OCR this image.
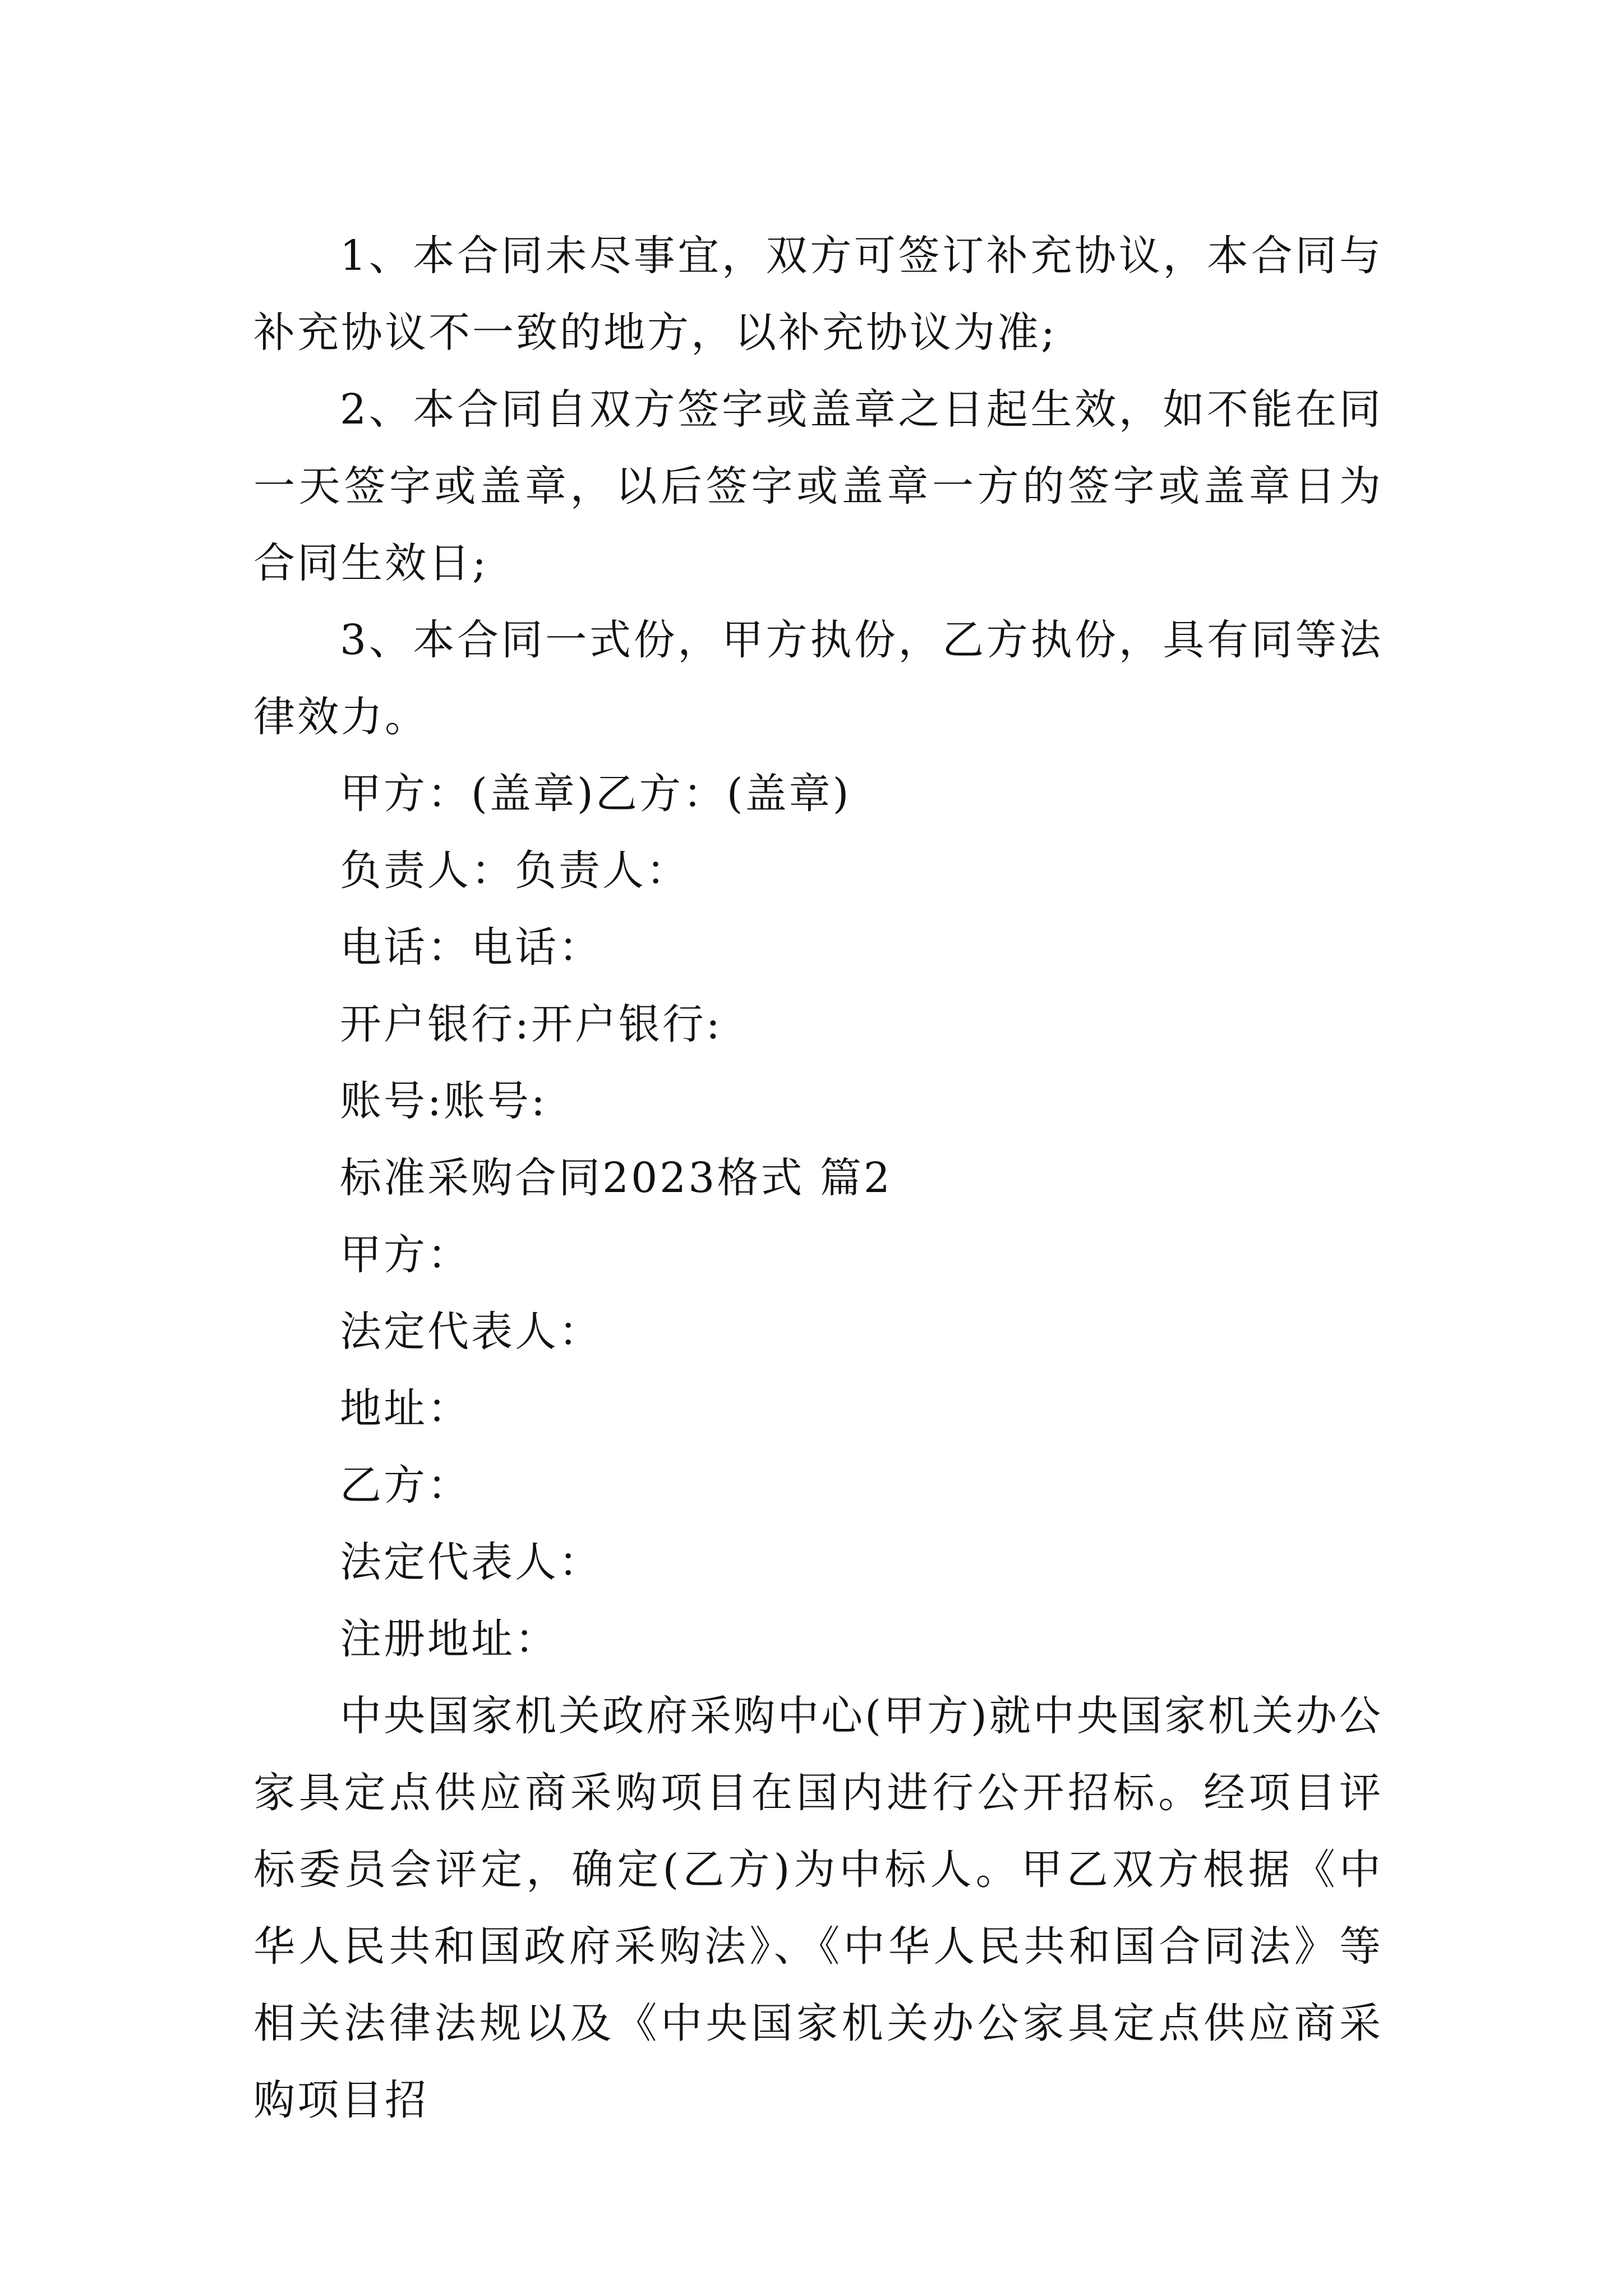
1、本合同未尽事宜，双方可签订补充协议，本合同与补充协议不一致的地方，以补充协议为准;

2、本合同自双方签字或盖章之日起生效，如不能在同一天签字或盖章，以后签字或盖章一方的签字或盖章日为合同生效日;

3、本合同一式份，甲方执份，乙方执份，具有同等法律效力。

甲方：(盖章)乙方：(盖章)

负责人：负责人：

电话：电话：

开户银行:开户银行:

账号:账号:

标准采购合同2023格式 篇2

甲方：

法定代表人：

地址：

乙方：

法定代表人：

注册地址：

中央国家机关政府采购中心(甲方)就中央国家机关办公家具定点供应商采购项目在国内进行公开招标。经项目评标委员会评定，确定(乙方)为中标人。甲乙双方根据《中华人民共和国政府采购法》、《中华人民共和国合同法》等相关法律法规以及《中央国家机关办公家具定点供应商采购项目招
